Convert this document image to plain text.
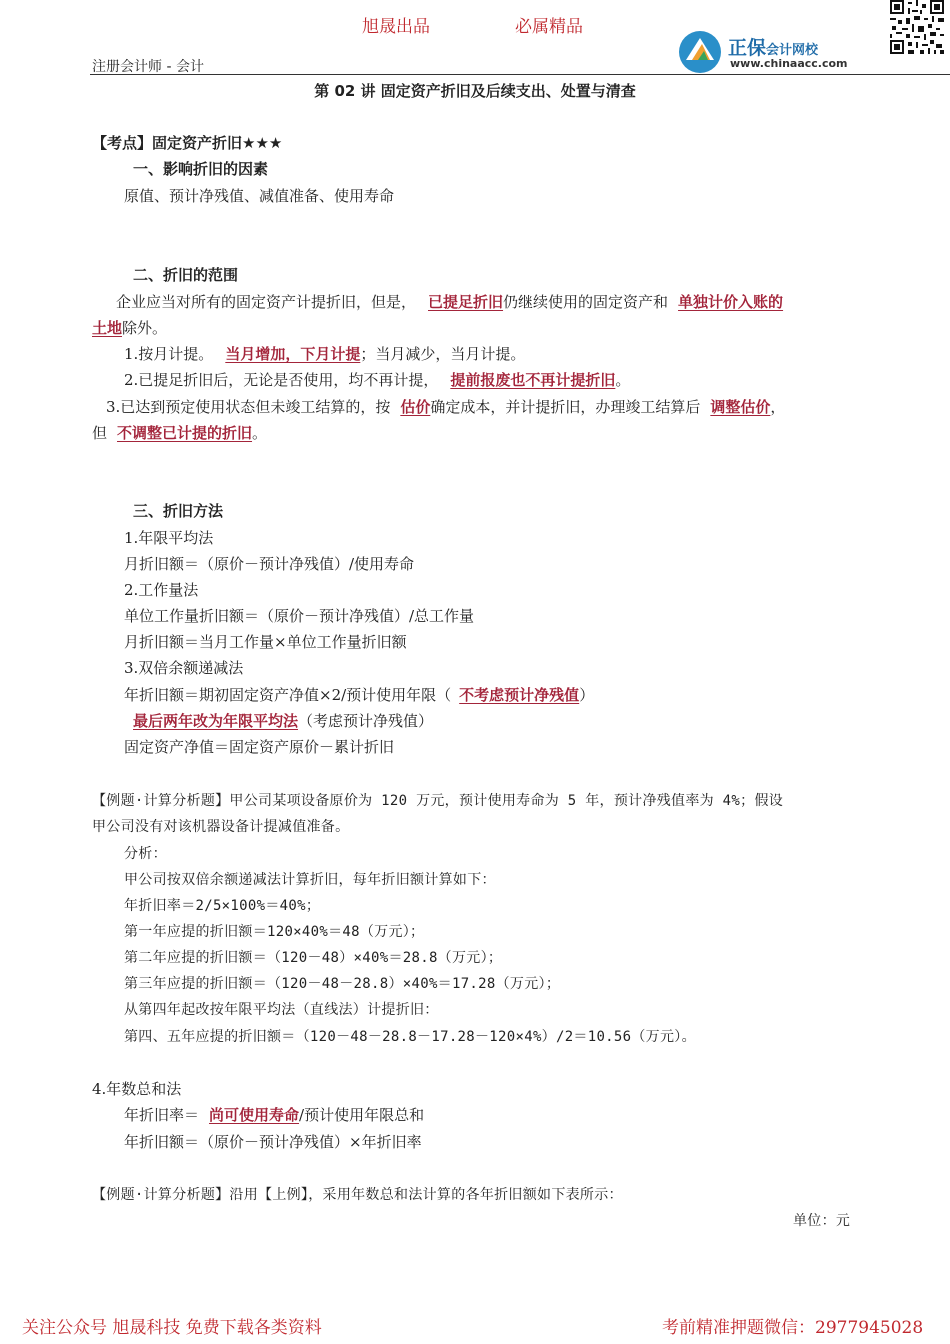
旭晟出品	必属精品
注册会计师 - 会计
正保会计网校
www.chinaacc.com
第 02 讲 固定资产折旧及后续支出、处置与清查
【考点】固定资产折旧★★★
一、影响折旧的因素
原值、预计净残值、减值准备、使用寿命
二、折旧的范围
企业应当对所有的固定资产计提折旧，但是， 已提足折旧仍继续使用的固定资产和 单独计价入账的
土地除外。
1.按月计提。 当月增加，下月计提；当月减少，当月计提。
2.已提足折旧后，无论是否使用，均不再计提， 提前报废也不再计提折旧。
3.已达到预定使用状态但未竣工结算的，按 估价确定成本，并计提折旧，办理竣工结算后 调整估价，
但 不调整已计提的折旧。
三、折旧方法
1.年限平均法
月折旧额＝（原价－预计净残值）/使用寿命
2.工作量法
单位工作量折旧额＝（原价－预计净残值）/总工作量
月折旧额＝当月工作量×单位工作量折旧额
3.双倍余额递减法
年折旧额＝期初固定资产净值×2/预计使用年限（ 不考虑预计净残值）
最后两年改为年限平均法（考虑预计净残值）
固定资产净值＝固定资产原价－累计折旧
【例题·计算分析题】甲公司某项设备原价为 120 万元，预计使用寿命为 5 年，预计净残值率为 4%；假设
甲公司没有对该机器设备计提减值准备。
分析：
甲公司按双倍余额递减法计算折旧，每年折旧额计算如下：
年折旧率＝2/5×100%＝40%；
第一年应提的折旧额＝120×40%＝48（万元）；
第二年应提的折旧额＝（120－48）×40%＝28.8（万元）；
第三年应提的折旧额＝（120－48－28.8）×40%＝17.28（万元）；
从第四年起改按年限平均法（直线法）计提折旧：
第四、五年应提的折旧额＝（120－48－28.8－17.28－120×4%）/2＝10.56（万元）。
4.年数总和法
年折旧率＝ 尚可使用寿命/预计使用年限总和
年折旧额＝（原价－预计净残值）×年折旧率
【例题·计算分析题】沿用【上例】，采用年数总和法计算的各年折旧额如下表所示：
单位：元
关注公众号 旭晟科技 免费下载各类资料	考前精准押题微信：2977945028
